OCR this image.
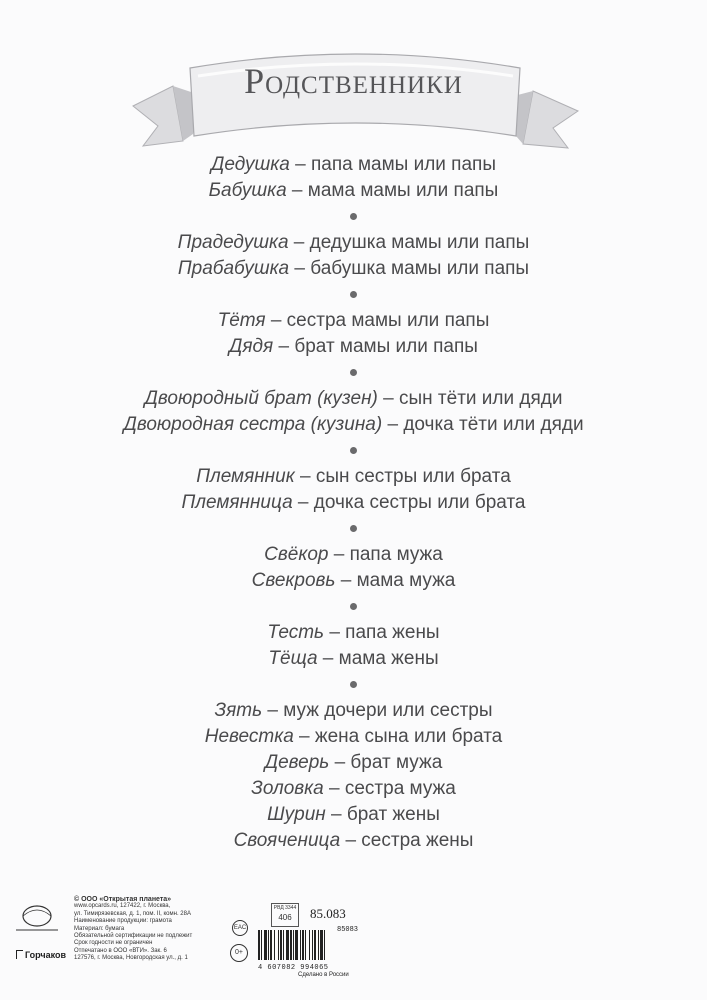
Родственники
Дедушка – папа мамы или папы
Бабушка – мама мамы или папы
Прадедушка – дедушка мамы или папы
Прабабушка – бабушка мамы или папы
Тётя – сестра мамы или папы
Дядя – брат мамы или папы
Двоюродный брат (кузен) – сын тёти или дяди
Двоюродная сестра (кузина) – дочка тёти или дяди
Племянник – сын сестры или брата
Племянница – дочка сестры или брата
Свёкор – папа мужа
Свекровь – мама мужа
Тесть – папа жены
Тёща – мама жены
Зять – муж дочери или сестры
Невестка – жена сына или брата
Деверь – брат мужа
Золовка – сестра мужа
Шурин – брат жены
Свояченица – сестра жены
© ООО «Открытая планета»
www.opcards.ru, 127422, г. Москва,
ул. Тимирязевская, д. 1, пом. II, комн. 28А
Наименование продукции: грамота
Материал: бумага
Обязательной сертификации не подлежит
Срок годности не ограничен
Отпечатано в ООО «ВТИ». Зак. 6
127576, г. Москва, Новгородская ул., д. 1
Горчаков
EAC
0+
РВД 3344
406	85.083
85083
4 607082 994065
Сделано в России
